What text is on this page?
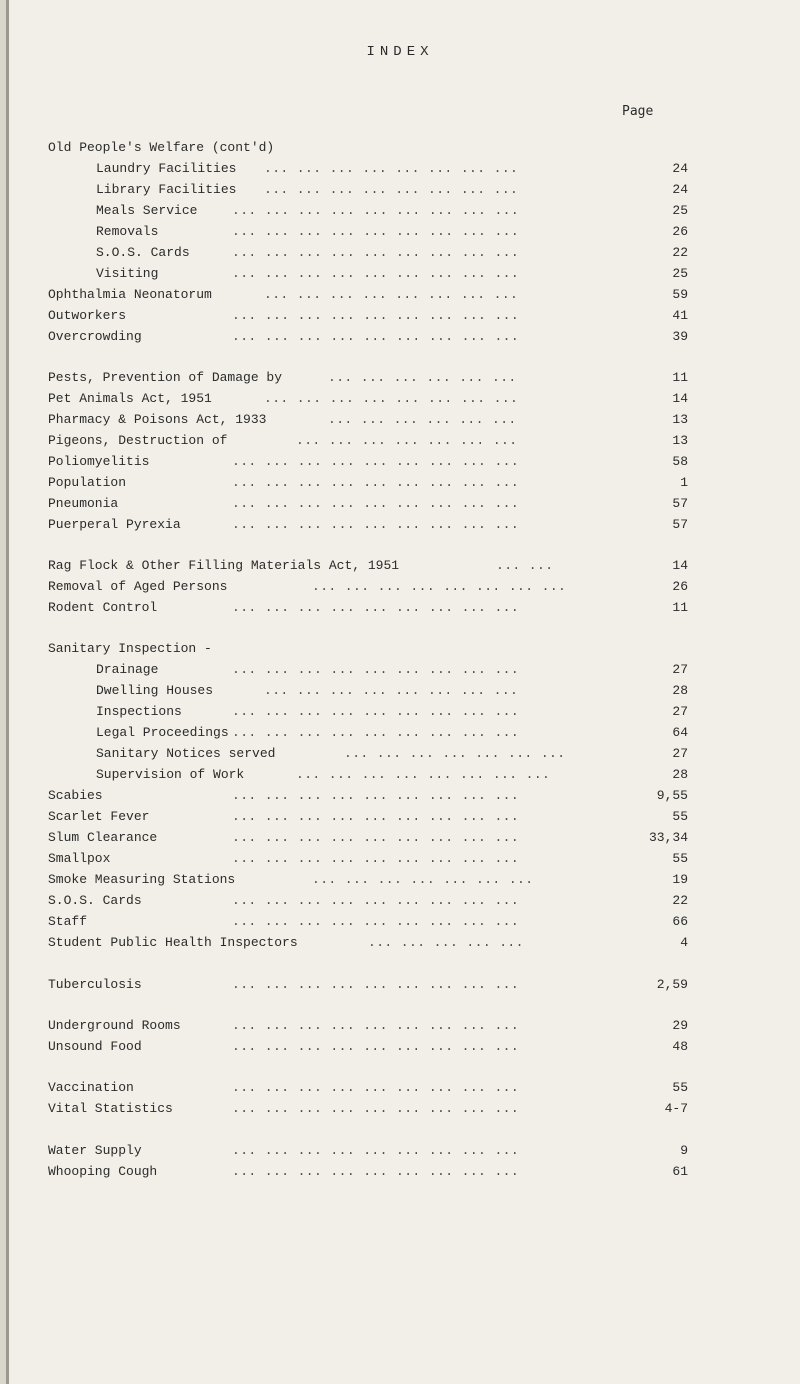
INDEX
Page
Old People's Welfare (cont'd)
Laundry Facilities ... ... ... ... ... ... ... ...	24
Library Facilities ... ... ... ... ... ... ... ...	24
Meals Service	... ... ... ... ... ... ... ... ...	25
Removals	... ... ... ... ... ... ... ... ...	26
S.O.S. Cards	... ... ... ... ... ... ... ... ...	22
Visiting	... ... ... ... ... ... ... ... ...	25
Ophthalmia Neonatorum	... ... ... ... ... ... ... ...	59
Outworkers	... ... ... ... ... ... ... ... ...	41
Overcrowding	... ... ... ... ... ... ... ... ...	39
Pests, Prevention of Damage by	... ... ... ... ... ...	11
Pet Animals Act, 1951	... ... ... ... ... ... ... ...	14
Pharmacy & Poisons Act, 1933	... ... ... ... ... ...	13
Pigeons, Destruction of	... ... ... ... ... ... ...	13
Poliomyelitis	... ... ... ... ... ... ... ... ...	58
Population	... ... ... ... ... ... ... ... ...	1
Pneumonia	... ... ... ... ... ... ... ... ...	57
Puerperal Pyrexia	... ... ... ... ... ... ... ... ...	57
Rag Flock & Other Filling Materials Act, 1951	... ...	14
Removal of Aged Persons	... ... ... ... ... ... ... ...	26
Rodent Control	... ... ... ... ... ... ... ... ...	11
Sanitary Inspection -
Drainage	... ... ... ... ... ... ... ... ...	27
Dwelling Houses	... ... ... ... ... ... ... ...	28
Inspections	... ... ... ... ... ... ... ... ...	27
Legal Proceedings ... ... ... ... ... ... ... ... ...	64
Sanitary Notices served	... ... ... ... ... ... ...	27
Supervision of Work	... ... ... ... ... ... ... ...	28
Scabies	... ... ... ... ... ... ... ... ...	9,55
Scarlet Fever	... ... ... ... ... ... ... ... ...	55
Slum Clearance	... ... ... ... ... ... ... ... ...	33,34
Smallpox	... ... ... ... ... ... ... ... ...	55
Smoke Measuring Stations	... ... ... ... ... ... ...	19
S.O.S. Cards	... ... ... ... ... ... ... ... ...	22
Staff	... ... ... ... ... ... ... ... ...	66
Student Public Health Inspectors	... ... ... ... ...	4
Tuberculosis	... ... ... ... ... ... ... ... ...	2,59
Underground Rooms	... ... ... ... ... ... ... ... ...	29
Unsound Food	... ... ... ... ... ... ... ... ...	48
Vaccination	... ... ... ... ... ... ... ... ...	55
Vital Statistics	... ... ... ... ... ... ... ... ...	4-7
Water Supply	... ... ... ... ... ... ... ... ...	9
Whooping Cough	... ... ... ... ... ... ... ... ...	61
